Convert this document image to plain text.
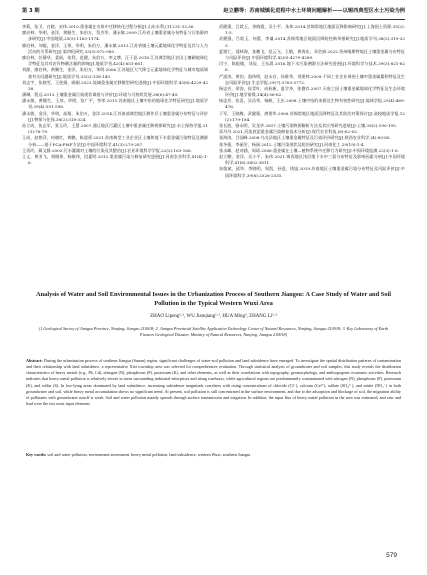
第 3 期	赵立鹏等：苏南城镇化进程中水土环境问题解析——以锡西典型区水土污染为例

李莉，张卫，白晓，宋伟.2010.重金属在水体中迁移转化过程分析[J].山东水利,(11):31-33,36.

廖启林，华明，金洋，黄顺生，朱伯万，蔡杰华，潘永敏.2009.江苏省土壤重金属分布特征与污染源初步研究[J].中国地质,25(5):1163-1174.

廖启林，刘聪，金洋，王琼，华明，朱伯万，潘永敏.2013.江苏省镇土壤元素地球化学特征及其与人为活动的关系研究[J].第四纪研究,33(5):972-985.

廖启林，任静华，姜丽，张利，范健，朱伯万，李文博，汪子意.2018.江苏典型地区农田土壤硒地球化学特征及其对农作物硒含量的影响[J].地质学刊,42(4):651-661.

刘源，廖启林，黄顺生，金洋，朱伯万，华明.2006.江苏地区大气降尘元素地球化学特征与城市地质调查有关问题研究[J].地质学刊,33(2):138-149.

刘志宇，张晓雪，王欣娟，顾刚.2023.流域重金属迁移模型研究进展[J].中国环境科学,43(8):4229-4238.

潘琳，程远.2013.土壤重金属污染现状调查与评价[J].环境与可持续发展,38(6):47-49.

潘永敏，黄顺生，王琼，华明，张广平，李荣.2015.苏南地区土壤中铅的地球化学特征研究[J].地质学刊,39(4):591-598.

潘永敏，金洋，华明，高翔，朱伯万，金洋.2014.江苏南部典型地区耕作层土壤重金属分布特征与评价[J].物探与化探,38(2):318-324.

孙立成，张志军，张玉玲，王慧.2007.通辽地区污灌区土壤中重金属迁移规律研究[J].水土保持学报,21(3):76-79.

王成，赵艳萍，何晓红，黄鹏，陈道勇.2021.苏南典型工业企业区土壤和地下水重金属污染特征及溯源分析——基于PCA-PMF方法[J].中国环境科学,41(3):279-287.

王贵玲，蔺文静.2003.污水灌溉对土壤的污染及其整治[J].农业环境科学学报,22(2):163-166.

王义，黄亚飞，胡晓伟，杨敏伟，段素明.2012.重金属污染与修复研究进展[J].河南农业科学,41(4):1-6.

武健强，吕敦玉，余晓霞，吴小平，朱伟.2014.苏锡常地区地面沉降影响研究[J].上海国土资源,35(2):1-5.

武健强，吕敦玉，何蕾，李谦.2014.苏锡常地区地面沉降防控新举措研究[J].地质学刊,38(2):319-323.

夏建仁，邵林海，张鹏飞，范云飞，王敏，黄海东，邓会娟.2022.贵州喀斯特地区土壤重金属分布特征与风险评价[J].中国环境科学,42(9):4279-4289.

闫宁，陈振楼，刘辰，王东晨.2016.地下水污染溯源方法研究进展[J].环境科学与技术,39(3):821-826.

严道涛，黄伯，邵伟明，赵永存，孙维华，刘建林.2009.不同工业企业周围土壤中重金属累积特征及生态风险评价[J].生态学报,29(7):3763-3772.

杨忠芳，余涛，侯青叶，成杭新，夏学齐，张德存.2007.天府之国土壤重金属地球化学特征及生态环境评价[J].地学前缘,14(4):56-62.

杨忠芳，张喜，吴昌华，杨帆，王庆.2008.土壤中铅的来源及生物有效性研究[J].地球学报,29(4):469-476.

于军，王晓梅，武健强，唐建华.2006.苏锡常地区地面沉降特征及其防治对策探讨[J].高校地质学报,12(2):179-184.

张长波，骆永明，吴龙华.2007.土壤污染物源解析方法及其应用研究进展[J].土壤,39(2):190-195.

章丹丹.2021.河流底泥重金属污染修复技术分析[J].现代农业科技,(8):62-63.

张海涛，吕国峰.2008.乌光县地区土壤重金属特征及污染评价研究[J].陕西农业科学,(4):83-85.

张冬强，李丽芳，杨丽.2012.土壤污染现状及防治研究[J].河南化工,29(19):1-4.

张永峰，赵诗涵，周琦.2006.重金属在土壤—植物系统中迁移行为研究[J].中国环境监测,22(3):1-6.

赵立鹏，金洋，吴小平，朱伟.2021.锡西地区浅层地下水中三氮分布特征及影响因素分析[J].中国环境科学,41(8):3802-3811.

朱俊斌，邱华，李晓明，周凯，孙进，钱旭.2019.苏南地区土壤重金属污染分布特征及风险评价[J].中国环境科学,39(6):2526-2535.

Analysis of Water and Soil Environmental Issues in the Urbanization Process of Southern Jiangsu: A Case Study of Water and Soil Pollution in the Typical Western Wuxi Area
ZHAO Lipeng¹·², WU Jianqiang¹·³, HUA Ming², ZHANG Li¹·³
(1.Geological Survey of Jiangsu Province, Nanjing, Jiangsu 210018; 2. Jiangsu Provincial Satellite Application Technology Center of Natural Resources, Nanjing, Jiangsu 210018; 3. Key Laboratory of Earth Fissures Geological Disaster, Ministry of Natural Resources, Nanjing, Jiangsu 210018)
Abstract: During the urbanization process of southern Jiangsu (Sunan) region, significant challenges of water-soil pollution and land subsidence have emerged. To investigate the spatial distribution patterns of contamination and their relationship with land subsidence, a representative Xixi township area was selected for comprehensive evaluation. Through statistical analysis of groundwater and soil samples, this study reveals the distribution characteristics of heavy metals (e.g., Pb, Cd), nitrogen (N), phosphorus (P), potassium (K), and other elements, as well as their correlations with topography, geomorphology, and anthropogenic economic activities. Research indicates that heavy metal pollution is relatively severe in areas surrounding industrial enterprises and along roadways, while agricultural regions are predominantly contaminated with nitrogen (N), phosphorus (P), potassium (K), and sulfur (S). In low-lying areas dominated by land subsidence, increasing subsidence magnitude correlates with rising concentrations of chloride (Cl⁻), calcium (Ca²⁺), sulfate (SO₄²⁻), and nitrite (NO₂⁻) in both groundwater and soil, while heavy metal accumulation shows no significant trend. At present, soil pollution is still concentrated in the surface environment, and due to the adsorption and blockage of soil, the migration ability of pollutants with groundwater runoff is weak. Soil and water pollution mainly spreads through surface transmission and irrigation. In addition, the input flux of heavy metal pollution in the area was estimated, and zinc and lead were the two most input elements.
Key words: soil and water pollution, environment assessment, heavy metal pollution, land subsidence, western Wuxi, southern Jiangsu
579
